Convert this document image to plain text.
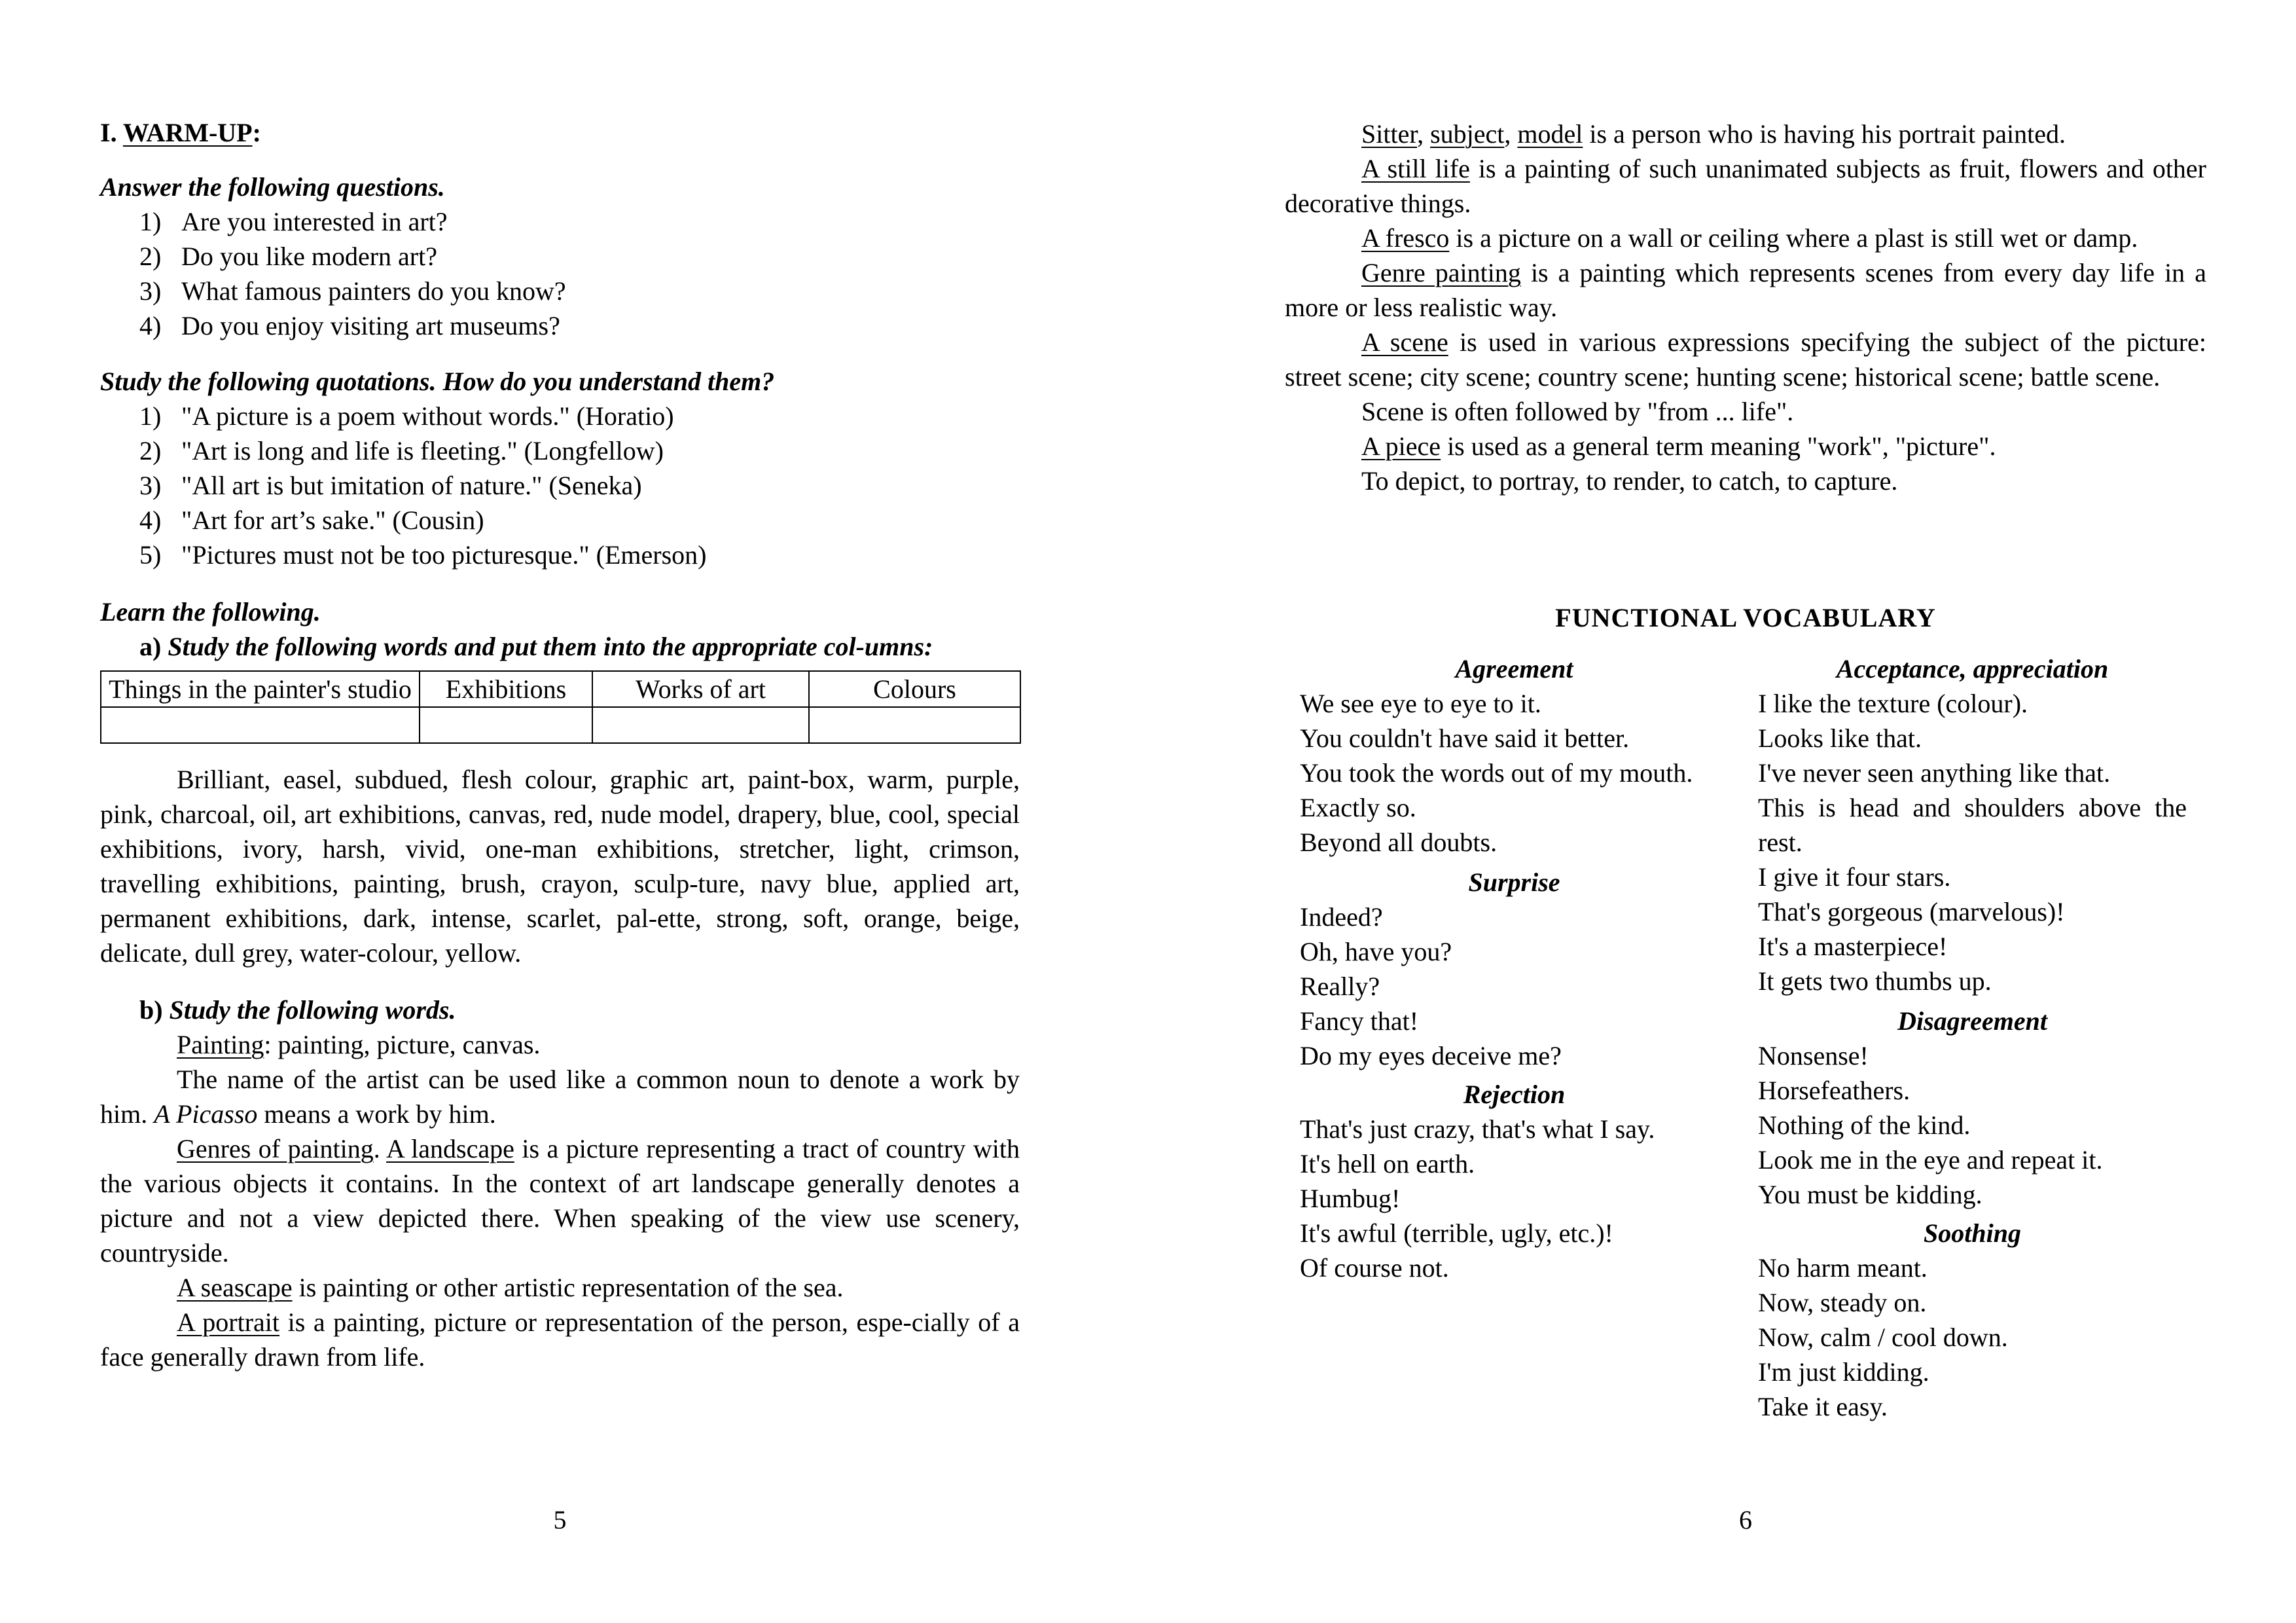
I. WARM-UP:

Answer the following questions.

1) Are you interested in art?
2) Do you like modern art?
3) What famous painters do you know?
4) Do you enjoy visiting art museums?

Study the following quotations. How do you understand them?

1) "A picture is a poem without words." (Horatio)
2) "Art is long and life is fleeting." (Longfellow)
3) "All art is but imitation of nature." (Seneka)
4) "Art for art’s sake." (Cousin)
5) "Pictures must not be too picturesque." (Emerson)

Learn the following.

a) Study the following words and put them into the appropriate col-umns:

Things in the painter's studio	Exhibitions	Works of art	Colours

Brilliant, easel, subdued, flesh colour, graphic art, paint-box, warm, purple, pink, charcoal, oil, art exhibitions, canvas, red, nude model, drapery, blue, cool, special exhibitions, ivory, harsh, vivid, one-man exhibitions, stretcher, light, crimson, travelling exhibitions, painting, brush, crayon, sculp-ture, navy blue, applied art, permanent exhibitions, dark, intense, scarlet, pal-ette, strong, soft, orange, beige, delicate, dull grey, water-colour, yellow.

b) Study the following words.

Painting: painting, picture, canvas.

The name of the artist can be used like a common noun to denote a work by him. A Picasso means a work by him.

Genres of painting. A landscape is a picture representing a tract of country with the various objects it contains. In the context of art landscape generally denotes a picture and not a view depicted there. When speaking of the view use scenery, countryside.

A seascape is painting or other artistic representation of the sea.

A portrait is a painting, picture or representation of the person, espe-cially of a face generally drawn from life.

5

Sitter, subject, model is a person who is having his portrait painted.

A still life is a painting of such unanimated subjects as fruit, flowers and other decorative things.

A fresco is a picture on a wall or ceiling where a plast is still wet or damp.

Genre painting is a painting which represents scenes from every day life in a more or less realistic way.

A scene is used in various expressions specifying the subject of the picture: street scene; city scene; country scene; hunting scene; historical scene; battle scene.

Scene is often followed by "from ... life".

A piece is used as a general term meaning "work", "picture".

To depict, to portray, to render, to catch, to capture.

FUNCTIONAL VOCABULARY

Agreement

We see eye to eye to it.

You couldn't have said it better.

You took the words out of my mouth.

Exactly so.

Beyond all doubts.

Surprise

Indeed?

Oh, have you?

Really?

Fancy that!

Do my eyes deceive me?

Rejection

That's just crazy, that's what I say.

It's hell on earth.

Humbug!

It's awful (terrible, ugly, etc.)!

Of course not.

Acceptance, appreciation

I like the texture (colour).

Looks like that.

I've never seen anything like that.

This is head and shoulders above the rest.

I give it four stars.

That's gorgeous (marvelous)!

It's a masterpiece!

It gets two thumbs up.

Disagreement

Nonsense!

Horsefeathers.

Nothing of the kind.

Look me in the eye and repeat it.

You must be kidding.

Soothing

No harm meant.

Now, steady on.

Now, calm / cool down.

I'm just kidding.

Take it easy.

6
